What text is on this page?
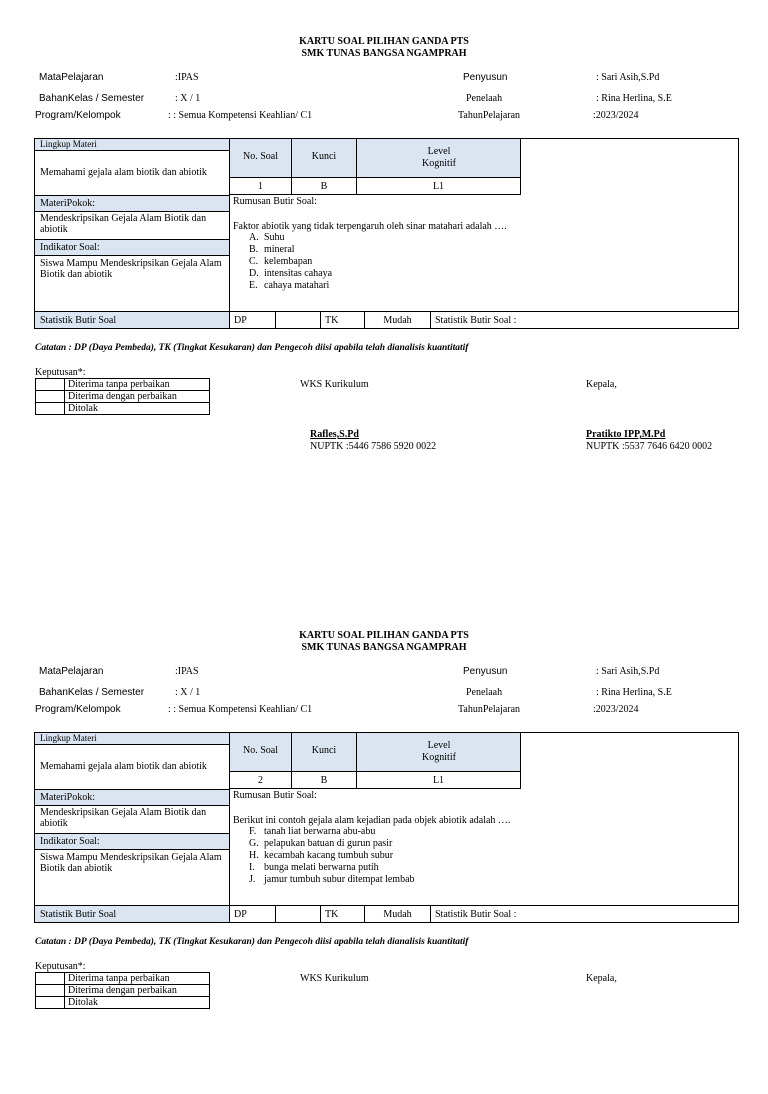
KARTU SOAL PILIHAN GANDA PTS
SMK TUNAS BANGSA NGAMPRAH
MataPelajaran	:IPAS
BahanKelas / Semester	: X / 1
Program/Kelompok	: : Semua Kompetensi Keahlian/ C1
Penyusun	: Sari Asih,S.Pd
Penelaah	: Rina Herlina, S.E
TahunPelajaran	:2023/2024
Lingkup Materi
Memahami gejala alam biotik dan abiotik
MateriPokok:
Mendeskripsikan Gejala Alam Biotik dan abiotik
Indikator Soal:
Siswa Mampu Mendeskripsikan Gejala Alam Biotik dan abiotik
No. Soal	Kunci	Level
Kognitif
1	B	L1
Rumusan Butir Soal:
Faktor abiotik yang tidak terpengaruh oleh sinar matahari adalah ….
A. Suhu
B. mineral
C. kelembapan
D. intensitas cahaya
E. cahaya matahari
Statistik Butir Soal	DP	TK	Mudah	Statistik Butir Soal :
Catatan : DP (Daya Pembeda), TK (Tingkat Kesukaran) dan Pengecoh diisi apabila telah dianalisis kuantitatif
Keputusan*:
	Diterima tanpa perbaikan
	Diterima dengan perbaikan
	Ditolak
WKS Kurikulum	Kepala,
Rafles,S.Pd
NUPTK :5446 7586 5920 0022
Pratikto IPP,M.Pd
NUPTK :5537 7646 6420 0002
KARTU SOAL PILIHAN GANDA PTS
SMK TUNAS BANGSA NGAMPRAH
MataPelajaran	:IPAS
BahanKelas / Semester	: X / 1
Program/Kelompok	: : Semua Kompetensi Keahlian/ C1
Penyusun	: Sari Asih,S.Pd
Penelaah	: Rina Herlina, S.E
TahunPelajaran	:2023/2024
Lingkup Materi
Memahami gejala alam biotik dan abiotik
MateriPokok:
Mendeskripsikan Gejala Alam Biotik dan abiotik
Indikator Soal:
Siswa Mampu Mendeskripsikan Gejala Alam Biotik dan abiotik
No. Soal	Kunci	Level
Kognitif
2	B	L1
Rumusan Butir Soal:
Berikut ini contoh gejala alam kejadian pada objek abiotik adalah ….
F. tanah liat berwarna abu-abu
G. pelapukan batuan di gurun pasir
H. kecambah kacang tumbuh subur
I. bunga melati berwarna putih
J. jamur tumbuh subur ditempat lembab
Statistik Butir Soal	DP	TK	Mudah	Statistik Butir Soal :
Catatan : DP (Daya Pembeda), TK (Tingkat Kesukaran) dan Pengecoh diisi apabila telah dianalisis kuantitatif
Keputusan*:
	Diterima tanpa perbaikan
	Diterima dengan perbaikan
	Ditolak
WKS Kurikulum	Kepala,
